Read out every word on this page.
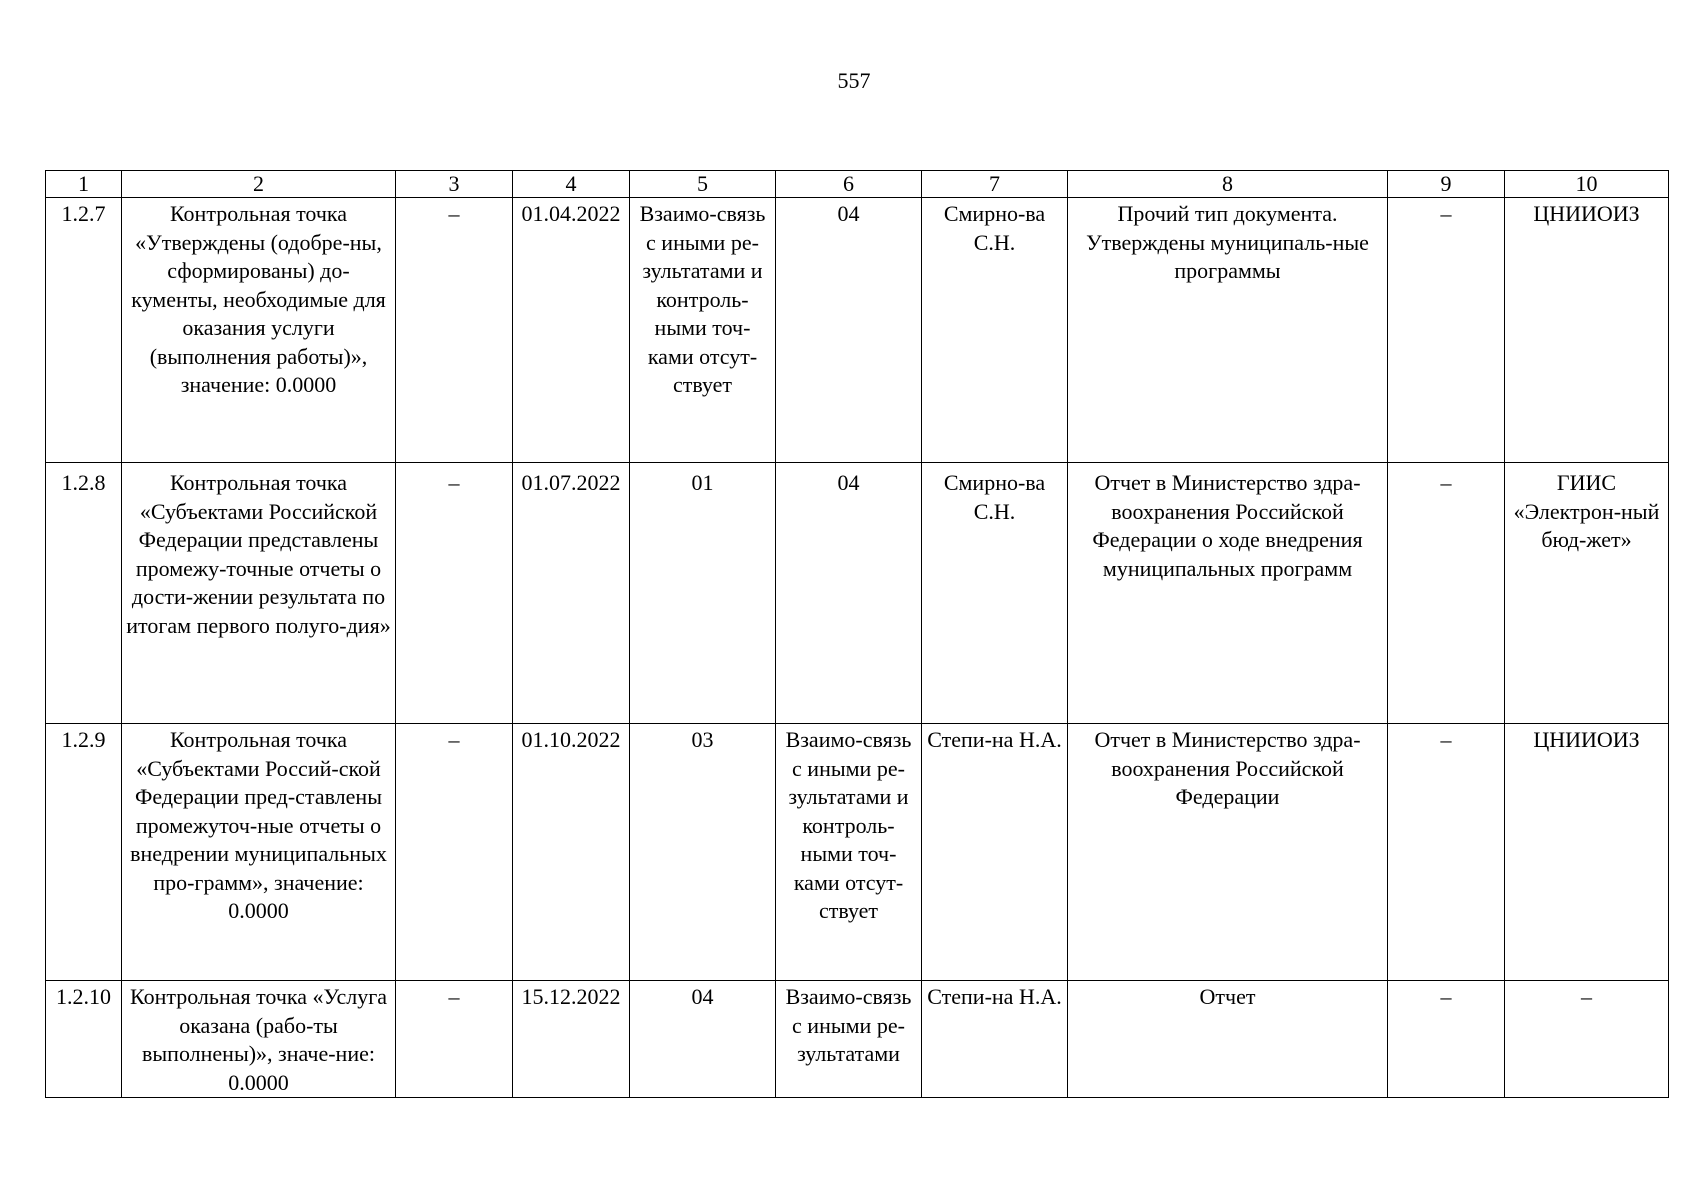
557
1	2	3	4	5	6	7	8	9	10
1.2.7	Контрольная точка «Утверждены (одобре-ны, сформированы) до-кументы, необходимые для оказания услуги (выполнения работы)», значение: 0.0000	–	01.04.2022	Взаимо-связь с иными ре-зультатами и контроль-ными точ-ками отсут-ствует	04	Смирно-ва С.Н.	Прочий тип документа. Утверждены муниципаль-ные программы	–	ЦНИИОИЗ
1.2.8	Контрольная точка «Субъектами Российской Федерации представлены промежу-точные отчеты о дости-жении результата по итогам первого полуго-дия»	–	01.07.2022	01	04	Смирно-ва С.Н.	Отчет в Министерство здра-воохранения Российской Федерации о ходе внедрения муниципальных программ	–	ГИИС «Электрон-ный бюд-жет»
1.2.9	Контрольная точка «Субъектами Россий-ской Федерации пред-ставлены промежуточ-ные отчеты о внедрении муниципальных про-грамм», значение: 0.0000	–	01.10.2022	03	Взаимо-связь с иными ре-зультатами и контроль-ными точ-ками отсут-ствует	Степи-на Н.А.	Отчет в Министерство здра-воохранения Российской Федерации	–	ЦНИИОИЗ
1.2.10	Контрольная точка «Услуга оказана (рабо-ты выполнены)», значе-ние: 0.0000	–	15.12.2022	04	Взаимо-связь с иными ре-зультатами	Степи-на Н.А.	Отчет	–	–
